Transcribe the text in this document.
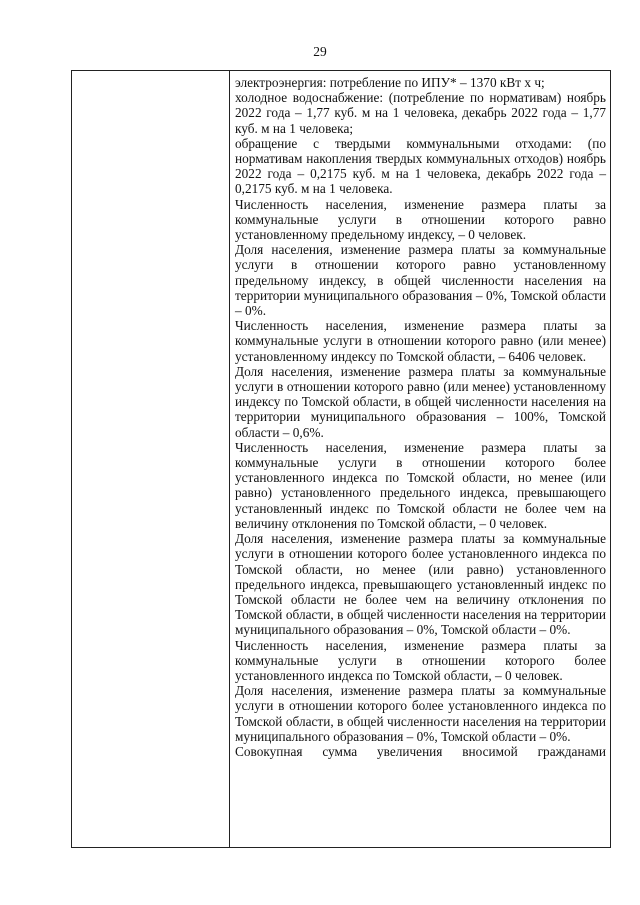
29

электроэнергия: потребление по ИПУ* – 1370 кВт х ч;

холодное водоснабжение: (потребление по нормативам) ноябрь 2022 года – 1,77 куб. м на 1 человека, декабрь 2022 года – 1,77 куб. м на 1 человека;

обращение с твердыми коммунальными отходами: (по нормативам накопления твердых коммунальных отходов) ноябрь 2022 года – 0,2175 куб. м на 1 человека, декабрь 2022 года – 0,2175 куб. м на 1 человека.

Численность населения, изменение размера платы за коммунальные услуги в отношении которого равно установленному предельному индексу, – 0 человек.

Доля населения, изменение размера платы за коммунальные услуги в отношении которого равно установленному предельному индексу, в общей численности населения на территории муниципального образования – 0%, Томской области – 0%.

Численность населения, изменение размера платы за коммунальные услуги в отношении которого равно (или менее) установленному индексу по Томской области, – 6406 человек.

Доля населения, изменение размера платы за коммунальные услуги в отношении которого равно (или менее) установленному индексу по Томской области, в общей численности населения на территории муниципального образования – 100%, Томской области – 0,6%.

Численность населения, изменение размера платы за коммунальные услуги в отношении которого более установленного индекса по Томской области, но менее (или равно) установленного предельного индекса, превышающего установленный индекс по Томской области не более чем на величину отклонения по Томской области, – 0 человек.

Доля населения, изменение размера платы за коммунальные услуги в отношении которого более установленного индекса по Томской области, но менее (или равно) установленного предельного индекса, превышающего установленный индекс по Томской области не более чем на величину отклонения по Томской области, в общей численности населения на территории муниципального образования – 0%, Томской области – 0%.

Численность населения, изменение размера платы за коммунальные услуги в отношении которого более установленного индекса по Томской области, – 0 человек.

Доля населения, изменение размера платы за коммунальные услуги в отношении которого более установленного индекса по Томской области, в общей численности населения на территории муниципального образования – 0%, Томской области – 0%.

Совокупная сумма увеличения вносимой гражданами
